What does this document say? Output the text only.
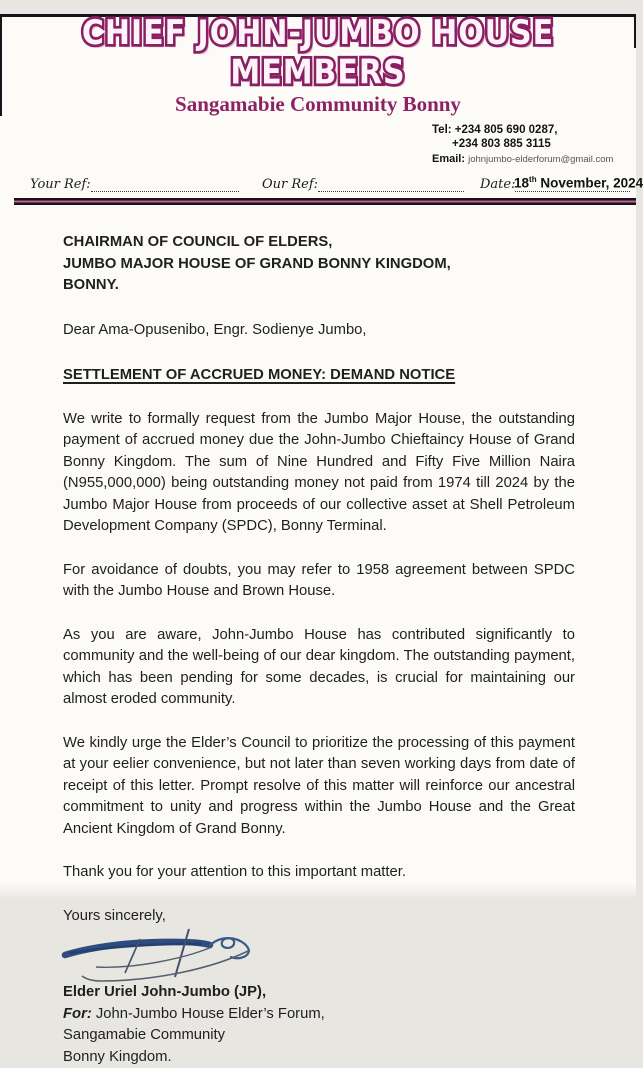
CHIEF JOHN-JUMBO HOUSE MEMBERS
Sangamabie Community Bonny
Tel: +234 805 690 0287,
+234 803 885 3115
Email: johnjumbo-elderforum@gmail.com
Your Ref:	Our Ref:	Date:
18th November, 2024
CHAIRMAN OF COUNCIL OF ELDERS,
JUMBO MAJOR HOUSE OF GRAND BONNY KINGDOM,
BONNY.
Dear Ama-Opusenibo, Engr. Sodienye Jumbo,
SETTLEMENT OF ACCRUED MONEY: DEMAND NOTICE

We write to formally request from the Jumbo Major House, the outstanding payment of accrued money due the John-Jumbo Chieftaincy House of Grand Bonny Kingdom. The sum of Nine Hundred and Fifty Five Million Naira (N955,000,000) being outstanding money not paid from 1974 till 2024 by the Jumbo Major House from proceeds of our collective asset at Shell Petroleum Development Company (SPDC), Bonny Terminal.

For avoidance of doubts, you may refer to 1958 agreement between SPDC with the Jumbo House and Brown House.

As you are aware, John-Jumbo House has contributed significantly to community and the well-being of our dear kingdom. The outstanding payment, which has been pending for some decades, is crucial for maintaining our almost eroded community.

We kindly urge the Elder’s Council to prioritize the processing of this payment at your eelier convenience, but not later than seven working days from date of receipt of this letter. Prompt resolve of this matter will reinforce our ancestral commitment to unity and progress within the Jumbo House and the Great Ancient Kingdom of Grand Bonny.

Thank you for your attention to this important matter.

Yours sincerely,
Elder Uriel John-Jumbo (JP),
For: John-Jumbo House Elder’s Forum,
Sangamabie Community
Bonny Kingdom.
